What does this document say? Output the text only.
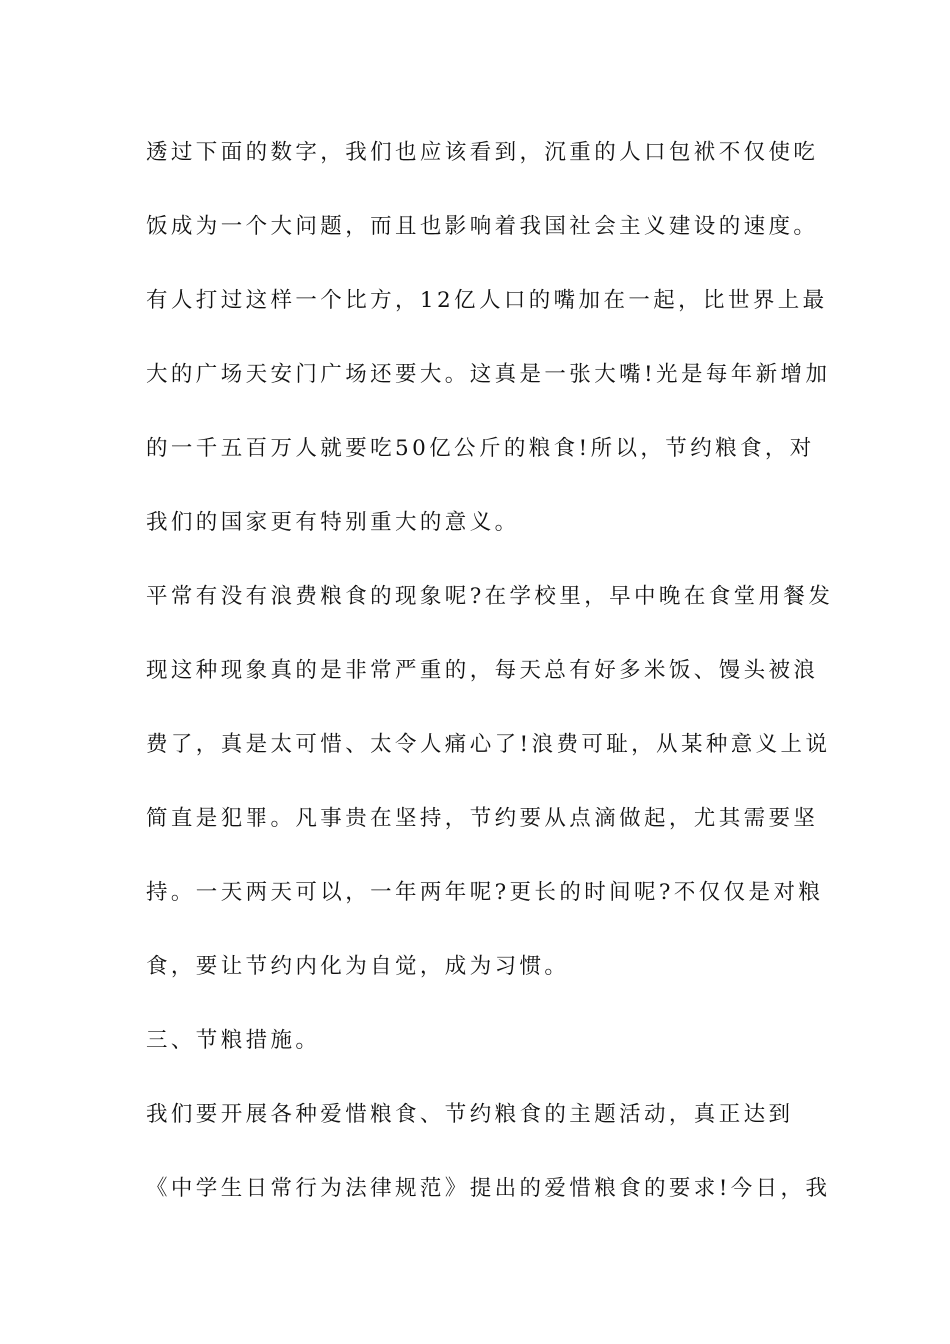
透过下面的数字，我们也应该看到，沉重的人口包袱不仅使吃
饭成为一个大问题，而且也影响着我国社会主义建设的速度。
有人打过这样一个比方，12亿人口的嘴加在一起，比世界上最
大的广场天安门广场还要大。这真是一张大嘴!光是每年新增加
的一千五百万人就要吃50亿公斤的粮食!所以，节约粮食，对
我们的国家更有特别重大的意义。
平常有没有浪费粮食的现象呢?在学校里，早中晚在食堂用餐发
现这种现象真的是非常严重的，每天总有好多米饭、馒头被浪
费了，真是太可惜、太令人痛心了!浪费可耻，从某种意义上说
简直是犯罪。凡事贵在坚持，节约要从点滴做起，尤其需要坚
持。一天两天可以，一年两年呢?更长的时间呢?不仅仅是对粮
食，要让节约内化为自觉，成为习惯。
三、节粮措施。
我们要开展各种爱惜粮食、节约粮食的主题活动，真正达到
《中学生日常行为法律规范》提出的爱惜粮食的要求!今日，我
